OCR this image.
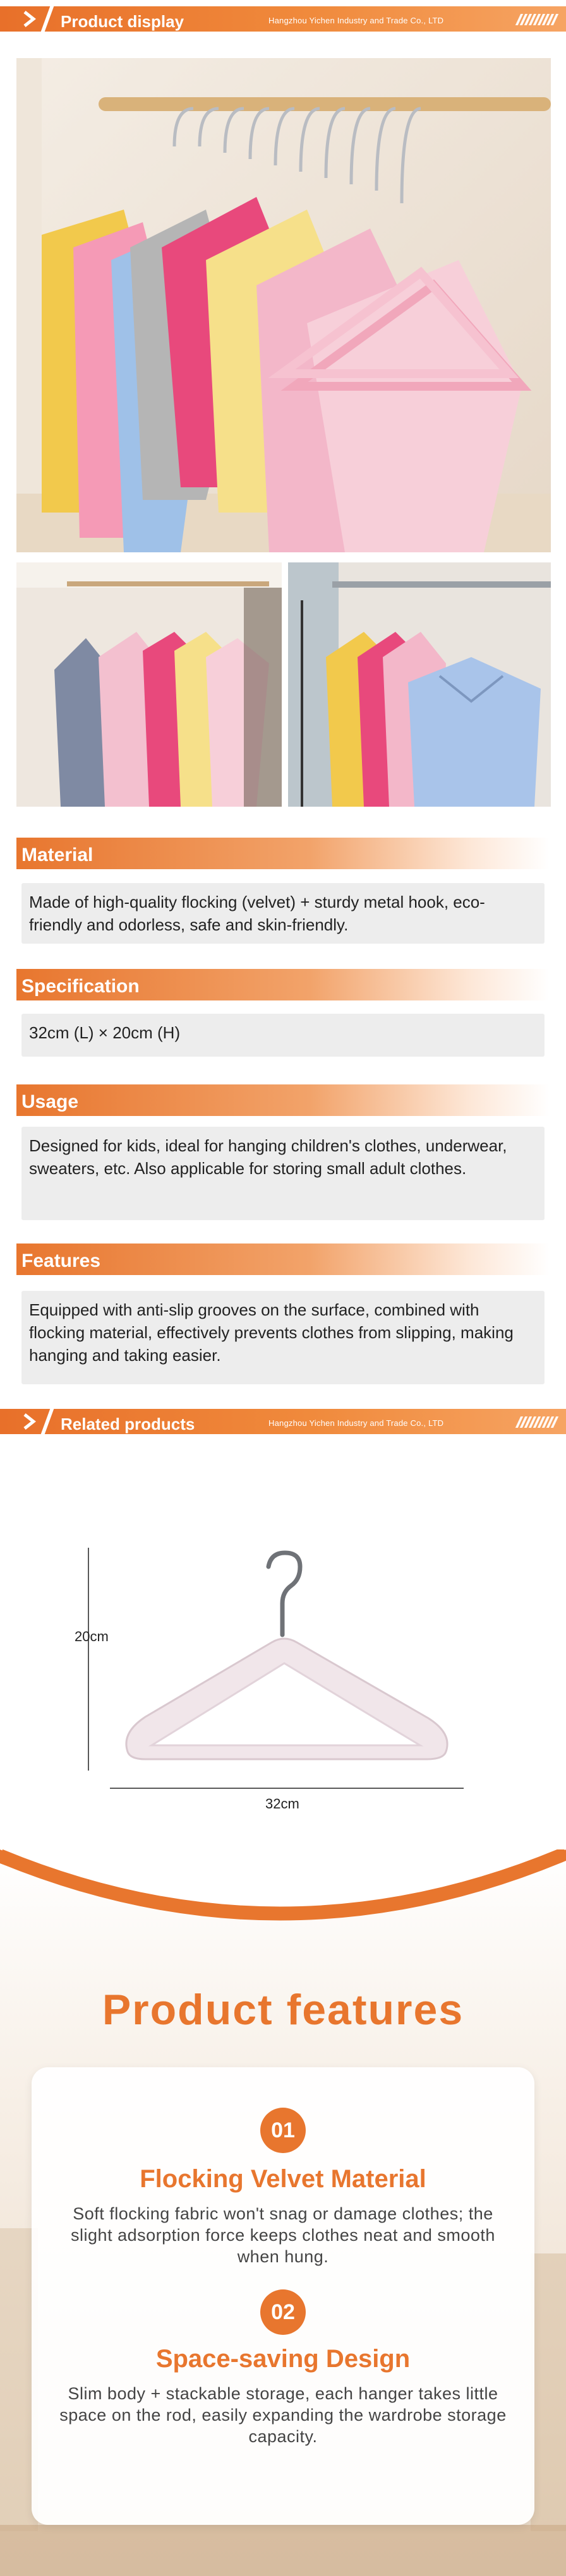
Product display	Hangzhou Yichen Industry and Trade Co., LTD
Material
Made of high-quality flocking (velvet) + sturdy metal hook, eco-friendly and odorless, safe and skin-friendly.
Specification
32cm (L) × 20cm (H)
Usage
Designed for kids, ideal for hanging children's clothes, underwear, sweaters, etc. Also applicable for storing small adult clothes.
Features
Equipped with anti-slip grooves on the surface, combined with flocking material, effectively prevents clothes from slipping, making hanging and taking easier.
Related products	Hangzhou Yichen Industry and Trade Co., LTD
20cm
32cm
Product features
01
Flocking Velvet Material
Soft flocking fabric won't snag or damage clothes; the slight adsorption force keeps clothes neat and smooth when hung.
02
Space-saving Design
Slim body + stackable storage, each hanger takes little space on the rod, easily expanding the wardrobe storage capacity.
